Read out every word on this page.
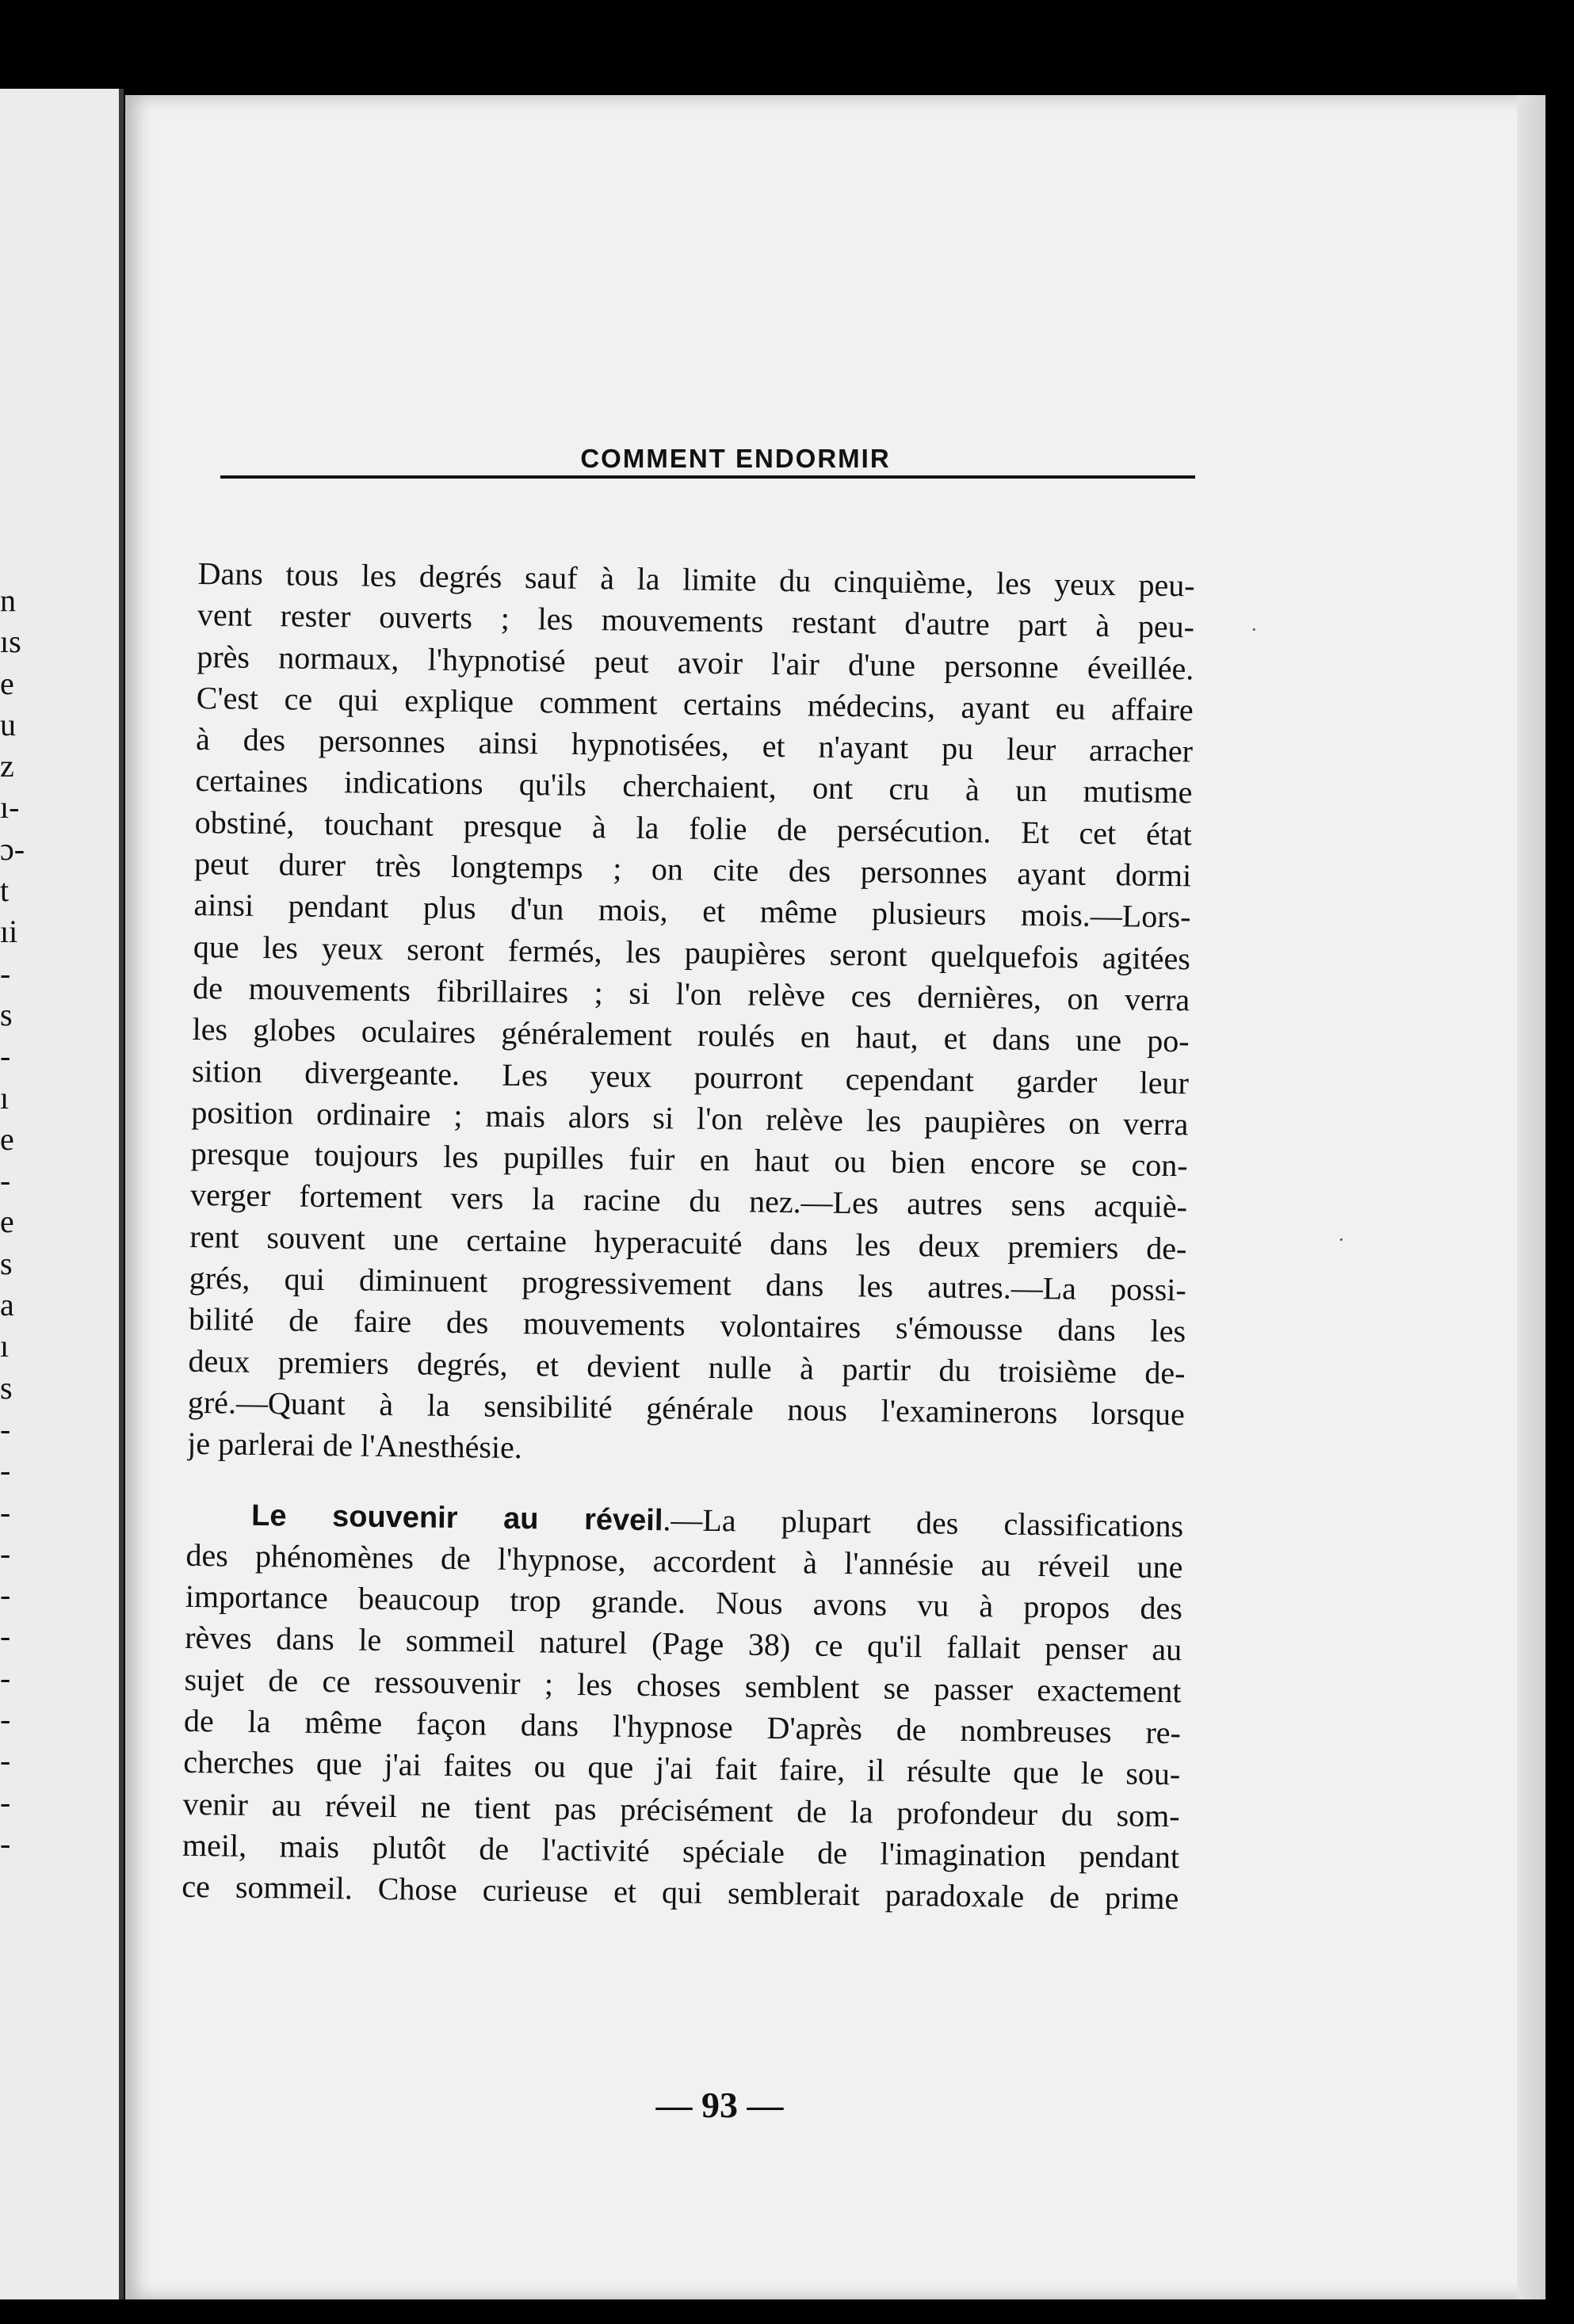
n
ıs
e
u
z
ı-
ɔ-
t
ıi
-
s
-
ı
e
-
e
s
a
ı
s
-
-
-
-
-
-
-
-
-
-
-
COMMENT ENDORMIR
Dans tous les degrés sauf à la limite du cinquième, les yeux peu-
vent rester ouverts ; les mouvements restant d'autre part à peu-
près normaux, l'hypnotisé peut avoir l'air d'une personne éveillée.
C'est ce qui explique comment certains médecins, ayant eu affaire
à des personnes ainsi hypnotisées, et n'ayant pu leur arracher
certaines indications qu'ils cherchaient, ont cru à un mutisme
obstiné, touchant presque à la folie de persécution. Et cet état
peut durer très longtemps ; on cite des personnes ayant dormi
ainsi pendant plus d'un mois, et même plusieurs mois.—Lors-
que les yeux seront fermés, les paupières seront quelquefois agitées
de mouvements fibrillaires ; si l'on relève ces dernières, on verra
les globes oculaires généralement roulés en haut, et dans une po-
sition divergeante. Les yeux pourront cependant garder leur
position ordinaire ; mais alors si l'on relève les paupières on verra
presque toujours les pupilles fuir en haut ou bien encore se con-
verger fortement vers la racine du nez.—Les autres sens acquiè-
rent souvent une certaine hyperacuité dans les deux premiers de-
grés, qui diminuent progressivement dans les autres.—La possi-
bilité de faire des mouvements volontaires s'émousse dans les
deux premiers degrés, et devient nulle à partir du troisième de-
gré.—Quant à la sensibilité générale nous l'examinerons lorsque
je parlerai de l'Anesthésie.
Le souvenir au réveil.—La plupart des classifications
des phénomènes de l'hypnose, accordent à l'annésie au réveil une
importance beaucoup trop grande. Nous avons vu à propos des
rèves dans le sommeil naturel (Page 38) ce qu'il fallait penser au
sujet de ce ressouvenir ; les choses semblent se passer exactement
de la même façon dans l'hypnose D'après de nombreuses re-
cherches que j'ai faites ou que j'ai fait faire, il résulte que le sou-
venir au réveil ne tient pas précisément de la profondeur du som-
meil, mais plutôt de l'activité spéciale de l'imagination pendant
ce sommeil. Chose curieuse et qui semblerait paradoxale de prime
— 93 —
·
·
